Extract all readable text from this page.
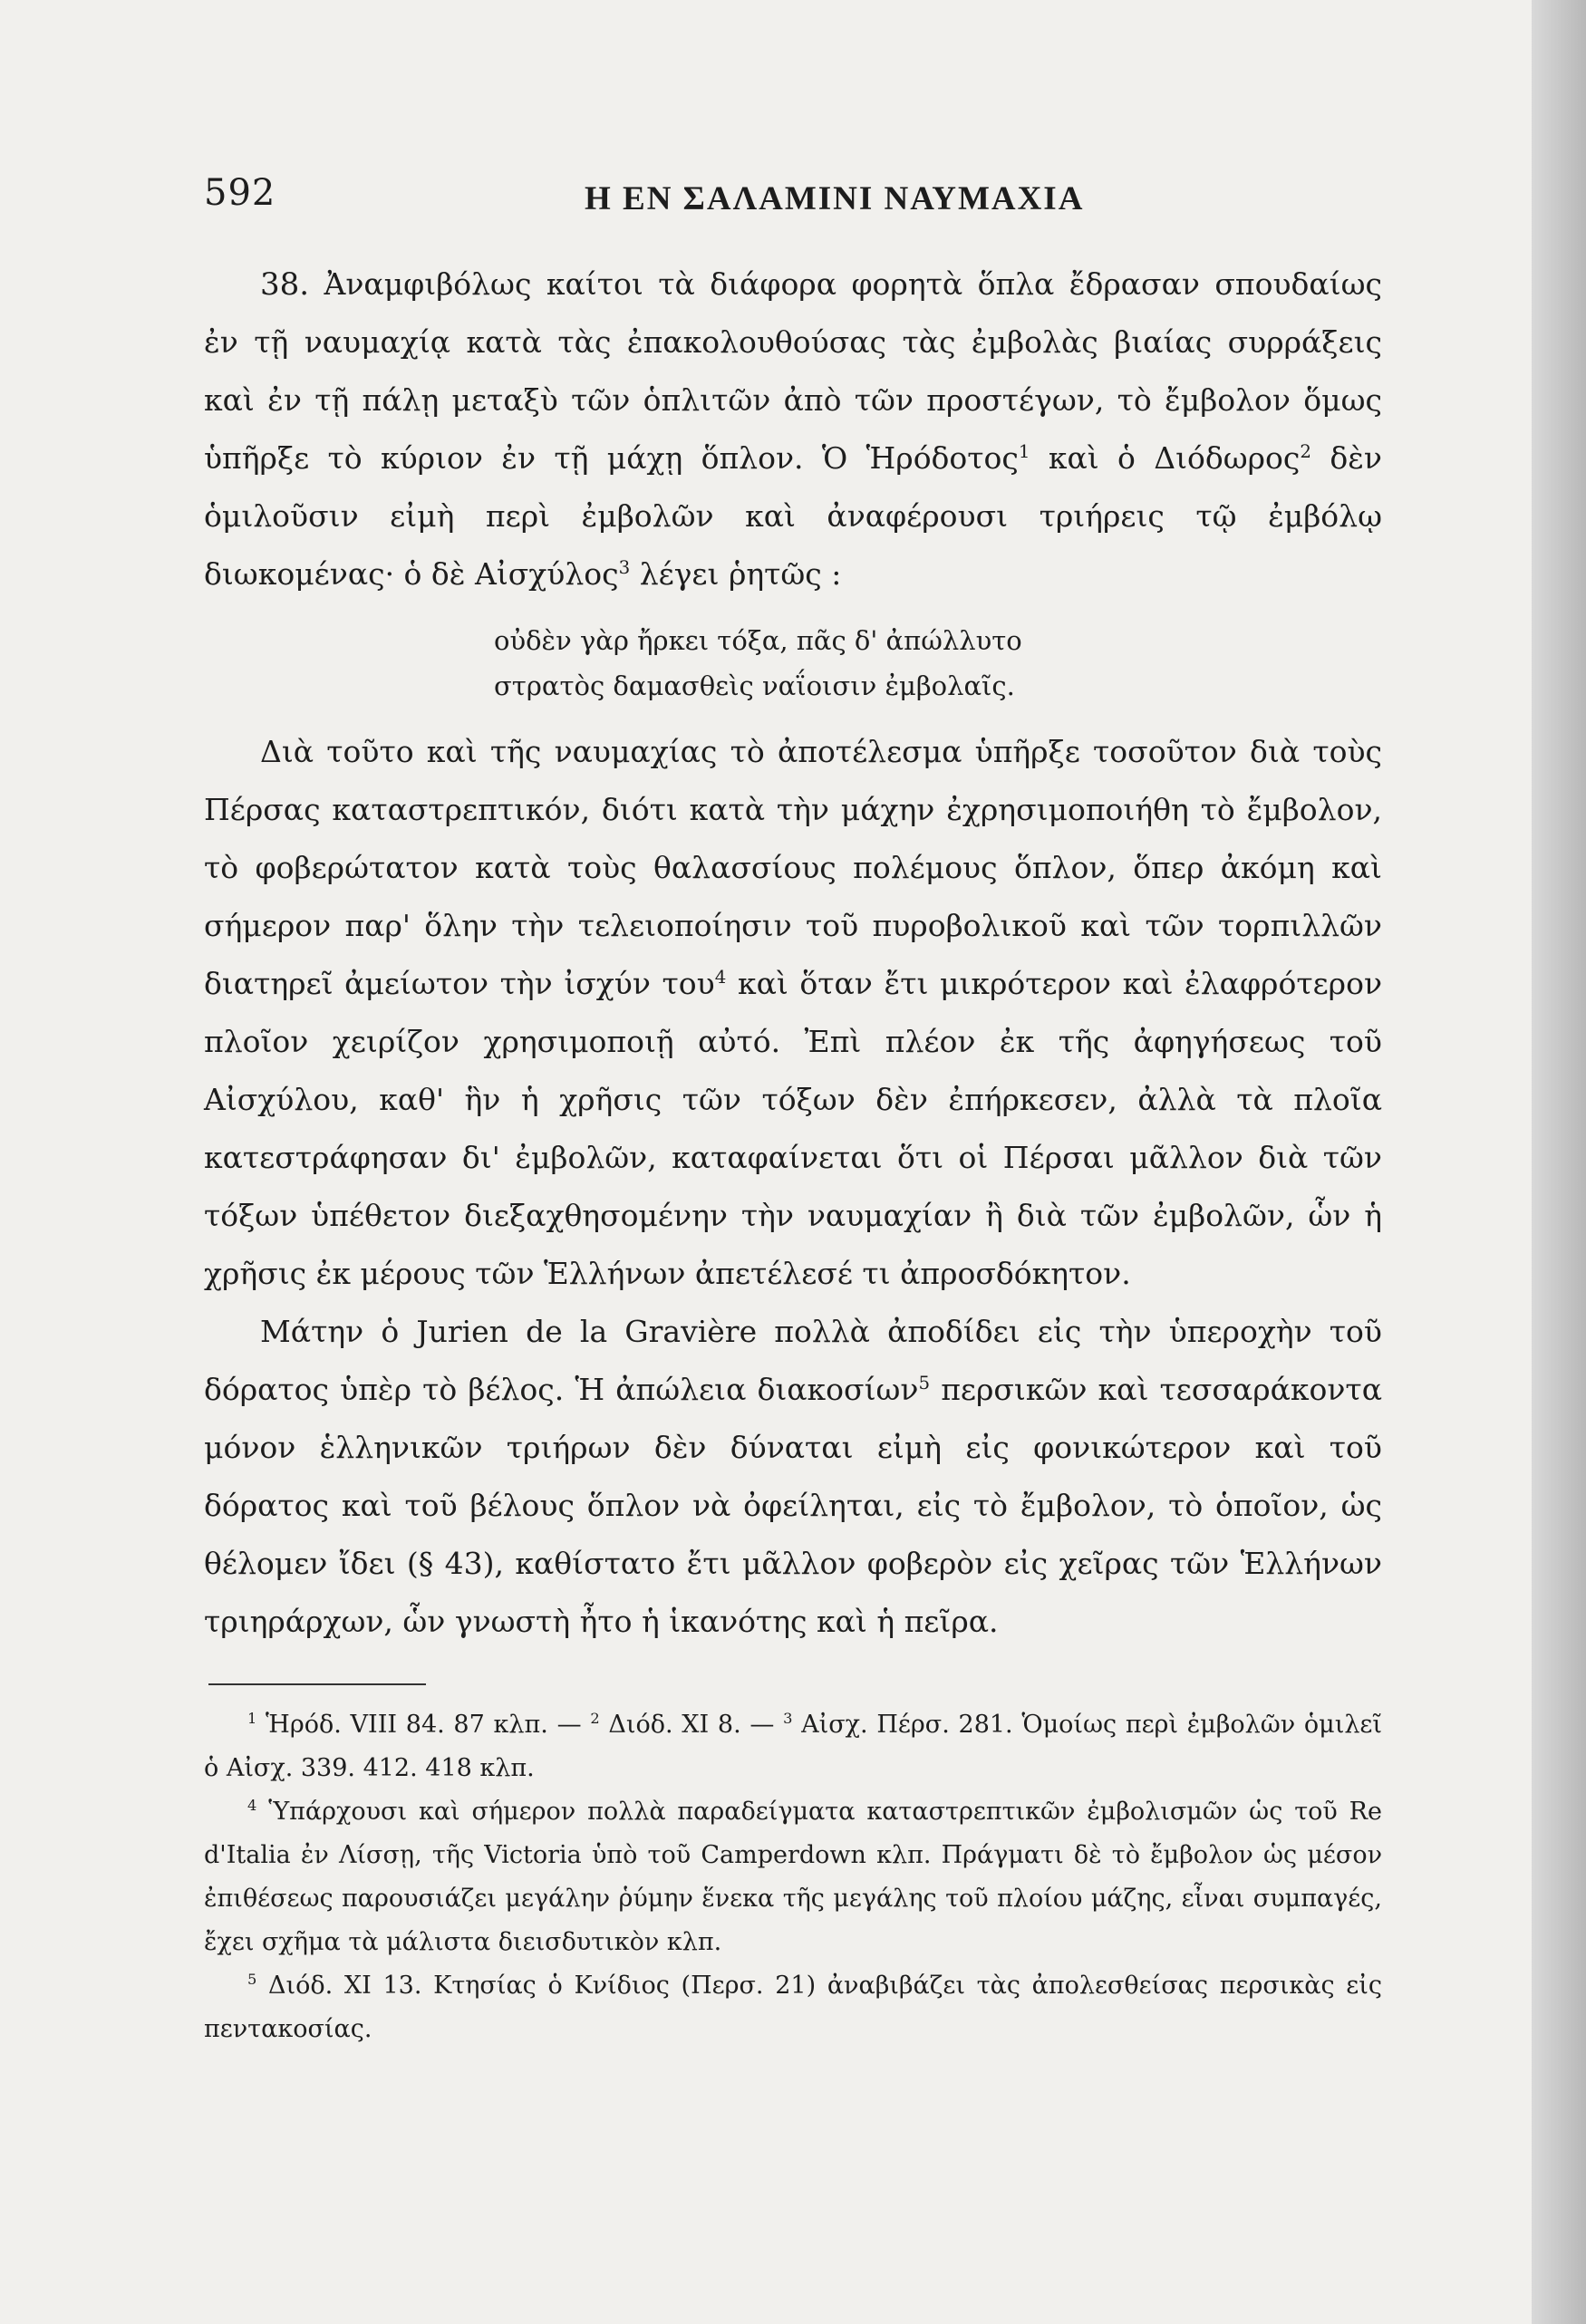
592	Η ΕΝ ΣΑΛΑΜΙΝΙ ΝΑΥΜΑΧΙΑ

38. Ἀναμφιβόλως καίτοι τὰ διάφορα φορητὰ ὅπλα ἔδρασαν σπουδαίως ἐν τῇ ναυμαχίᾳ κατὰ τὰς ἐπακολουθούσας τὰς ἐμβολὰς βιαίας συρράξεις καὶ ἐν τῇ πάλῃ μεταξὺ τῶν ὁπλιτῶν ἀπὸ τῶν προστέγων, τὸ ἔμβολον ὅμως ὑπῆρξε τὸ κύριον ἐν τῇ μάχῃ ὅπλον. Ὁ Ἡρόδοτος$^1$ καὶ ὁ Διόδωρος$^2$ δὲν ὁμιλοῦσιν εἰμὴ περὶ ἐμβολῶν καὶ ἀναφέρουσι τριήρεις τῷ ἐμβόλῳ διωκομένας· ὁ δὲ Αἰσχύλος$^3$ λέγει ῥητῶς :

οὐδὲν γὰρ ἤρκει τόξα, πᾶς δ' ἀπώλλυτο
στρατὸς δαμασθεὶς ναΐοισιν ἐμβολαῖς.

Διὰ τοῦτο καὶ τῆς ναυμαχίας τὸ ἀποτέλεσμα ὑπῆρξε τοσοῦτον διὰ τοὺς Πέρσας καταστρεπτικόν, διότι κατὰ τὴν μάχην ἐχρησιμοποιήθη τὸ ἔμβολον, τὸ φοβερώτατον κατὰ τοὺς θαλασσίους πολέμους ὅπλον, ὅπερ ἀκόμη καὶ σήμερον παρ' ὅλην τὴν τελειοποίησιν τοῦ πυροβολικοῦ καὶ τῶν τορπιλλῶν διατηρεῖ ἀμείωτον τὴν ἰσχύν του$^4$ καὶ ὅταν ἔτι μικρότερον καὶ ἐλαφρότερον πλοῖον χειρίζον χρησιμοποιῇ αὐτό. Ἐπὶ πλέον ἐκ τῆς ἀφηγήσεως τοῦ Αἰσχύλου, καθ' ἣν ἡ χρῆσις τῶν τόξων δὲν ἐπήρκεσεν, ἀλλὰ τὰ πλοῖα κατεστράφησαν δι' ἐμβολῶν, καταφαίνεται ὅτι οἱ Πέρσαι μᾶλλον διὰ τῶν τόξων ὑπέθετον διεξαχθησομένην τὴν ναυμαχίαν ἢ διὰ τῶν ἐμβολῶν, ὧν ἡ χρῆσις ἐκ μέρους τῶν Ἑλλήνων ἀπετέλεσέ τι ἀπροσδόκητον.

Μάτην ὁ Jurien de la Gravière πολλὰ ἀποδίδει εἰς τὴν ὑπεροχὴν τοῦ δόρατος ὑπὲρ τὸ βέλος. Ἡ ἀπώλεια διακοσίων$^5$ περσικῶν καὶ τεσσαράκοντα μόνον ἑλληνικῶν τριήρων δὲν δύναται εἰμὴ εἰς φονικώτερον καὶ τοῦ δόρατος καὶ τοῦ βέλους ὅπλον νὰ ὀφείληται, εἰς τὸ ἔμβολον, τὸ ὁποῖον, ὡς θέλομεν ἴδει (§ 43), καθίστατο ἔτι μᾶλλον φοβερὸν εἰς χεῖρας τῶν Ἑλλήνων τριηράρχων, ὧν γνωστὴ ἦτο ἡ ἱκανότης καὶ ἡ πεῖρα.

$^1$ Ἡρόδ. VIII 84. 87 κλπ. — $^2$ Διόδ. XI 8. — $^3$ Αἰσχ. Πέρσ. 281. Ὁμοίως περὶ ἐμβολῶν ὁμιλεῖ ὁ Αἰσχ. 339. 412. 418 κλπ.

$^4$ Ὑπάρχουσι καὶ σήμερον πολλὰ παραδείγματα καταστρεπτικῶν ἐμβολισμῶν ὡς τοῦ Re d'Italia ἐν Λίσσῃ, τῆς Victoria ὑπὸ τοῦ Camperdown κλπ. Πράγματι δὲ τὸ ἔμβολον ὡς μέσον ἐπιθέσεως παρουσιάζει μεγάλην ῥύμην ἕνεκα τῆς μεγάλης τοῦ πλοίου μάζης, εἶναι συμπαγές, ἔχει σχῆμα τὰ μάλιστα διεισδυτικὸν κλπ.

$^5$ Διόδ. XI 13. Κτησίας ὁ Κνίδιος (Περσ. 21) ἀναβιβάζει τὰς ἀπολεσθείσας περσικὰς εἰς πεντακοσίας.
